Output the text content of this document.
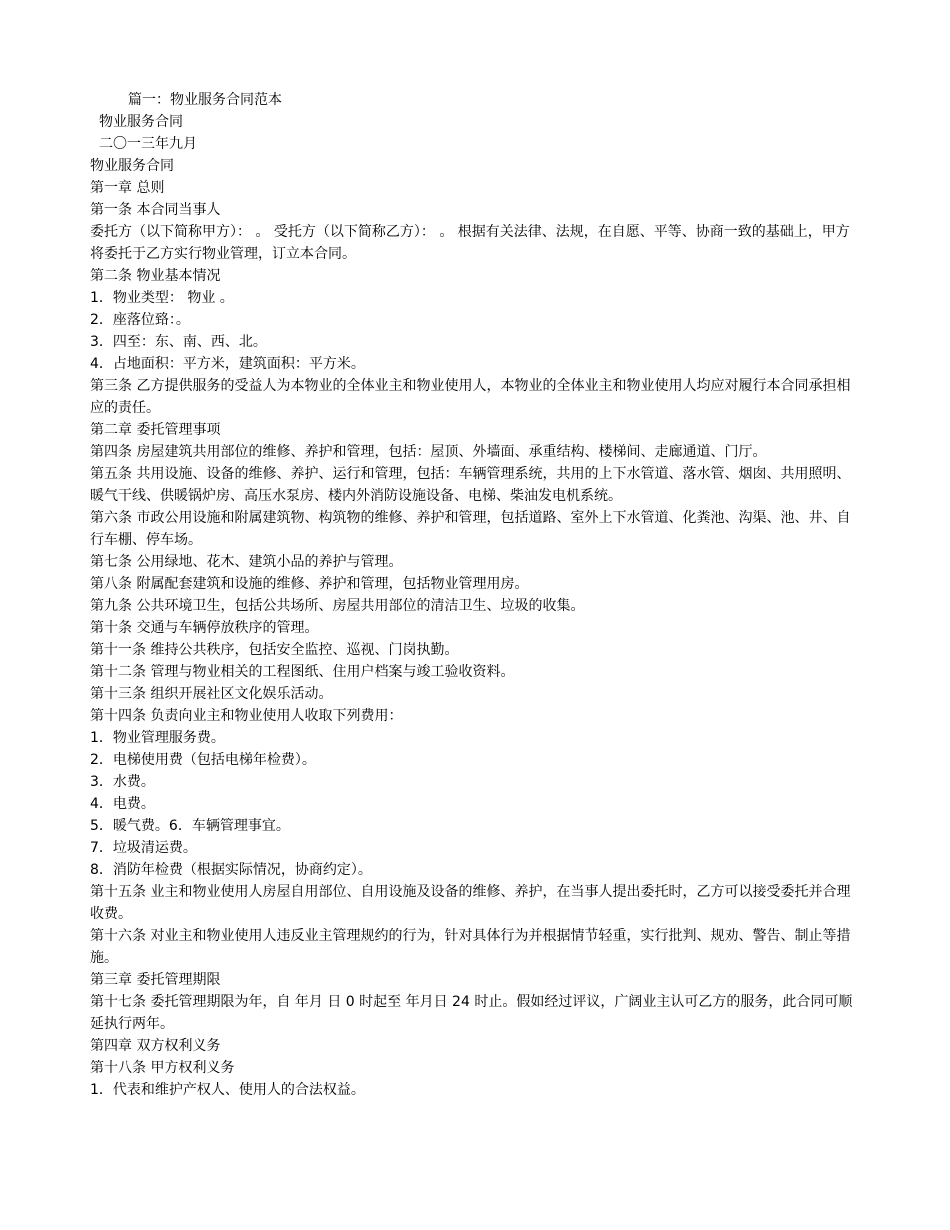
篇一：物业服务合同范本
物业服务合同
二〇一三年九月
物业服务合同
第一章 总则
第一条 本合同当事人
委托方（以下简称甲方）： 。 受托方（以下简称乙方）： 。 根据有关法律、法规，在自愿、平等、协商一致的基础上，甲方将委托于乙方实行物业管理，订立本合同。
第二条 物业基本情况
1．物业类型： 物业 。
2．座落位臵：。
3．四至：东、南、西、北。
4．占地面积：平方米，建筑面积：平方米。
第三条 乙方提供服务的受益人为本物业的全体业主和物业使用人，本物业的全体业主和物业使用人均应对履行本合同承担相应的责任。
第二章 委托管理事项
第四条 房屋建筑共用部位的维修、养护和管理，包括：屋顶、外墙面、承重结构、楼梯间、走廊通道、门厅。
第五条 共用设施、设备的维修、养护、运行和管理，包括：车辆管理系统，共用的上下水管道、落水管、烟囱、共用照明、暖气干线、供暖锅炉房、高压水泵房、楼内外消防设施设备、电梯、柴油发电机系统。
第六条 市政公用设施和附属建筑物、构筑物的维修、养护和管理，包括道路、室外上下水管道、化粪池、沟渠、池、井、自行车棚、停车场。
第七条 公用绿地、花木、建筑小品的养护与管理。
第八条 附属配套建筑和设施的维修、养护和管理，包括物业管理用房。
第九条 公共环境卫生，包括公共场所、房屋共用部位的清洁卫生、垃圾的收集。
第十条 交通与车辆停放秩序的管理。
第十一条 维持公共秩序，包括安全监控、巡视、门岗执勤。
第十二条 管理与物业相关的工程图纸、住用户档案与竣工验收资料。
第十三条 组织开展社区文化娱乐活动。
第十四条 负责向业主和物业使用人收取下列费用：
1．物业管理服务费。
2．电梯使用费（包括电梯年检费）。
3．水费。
4．电费。
5．暖气费。6．车辆管理事宜。
7．垃圾清运费。
8．消防年检费（根据实际情况，协商约定）。
第十五条 业主和物业使用人房屋自用部位、自用设施及设备的维修、养护，在当事人提出委托时，乙方可以接受委托并合理收费。
第十六条 对业主和物业使用人违反业主管理规约的行为，针对具体行为并根据情节轻重，实行批判、规劝、警告、制止等措施。
第三章 委托管理期限
第十七条 委托管理期限为年，自 年月 日 0 时起至 年月日 24 时止。假如经过评议，广阔业主认可乙方的服务，此合同可顺延执行两年。
第四章 双方权利义务
第十八条 甲方权利义务
1．代表和维护产权人、使用人的合法权益。
